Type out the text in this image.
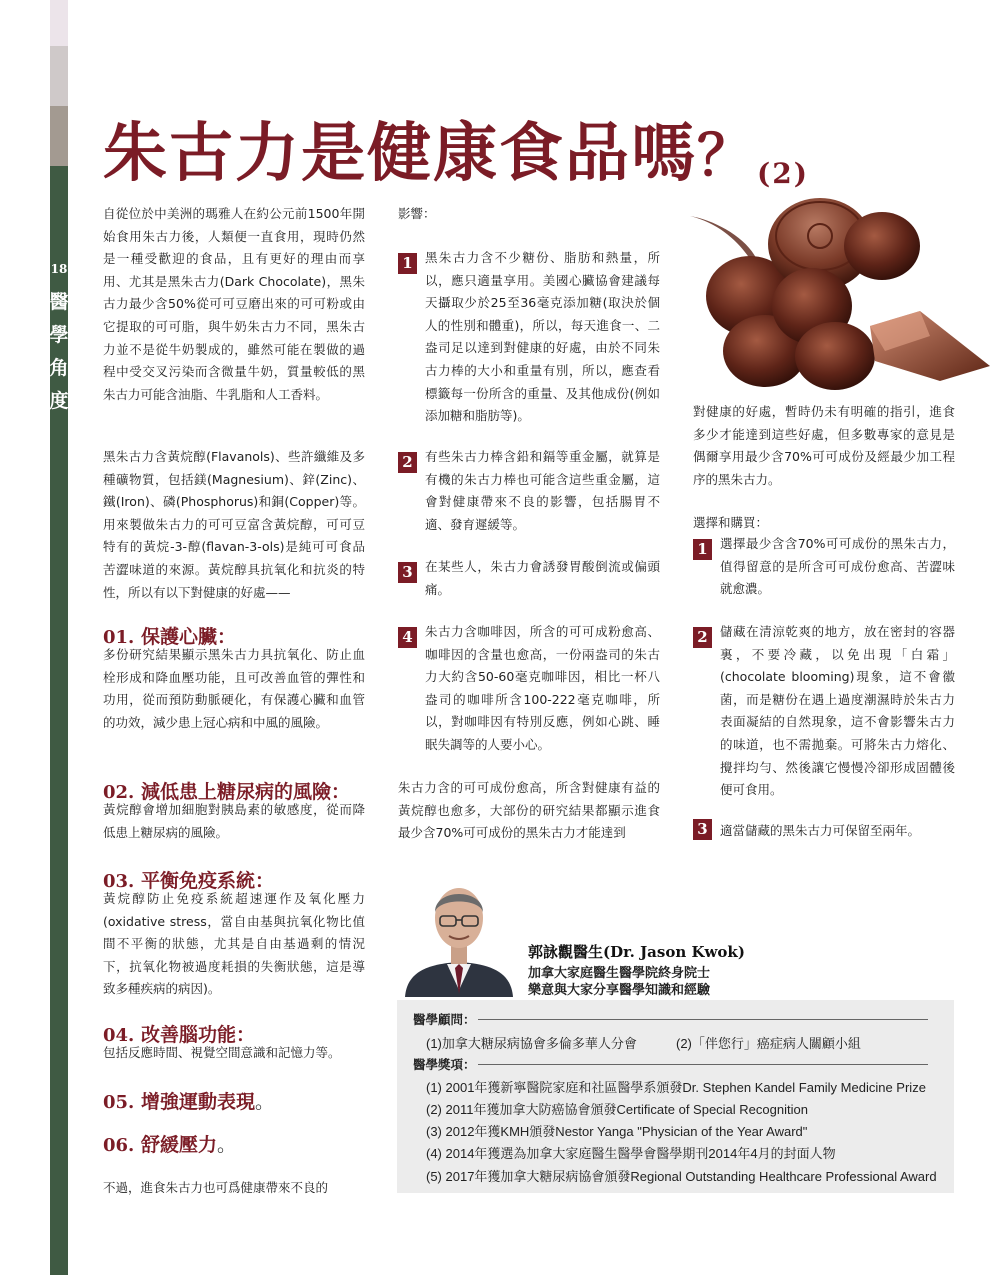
18
醫
學
角
度
朱古力是健康食品嗎？$_{(2)}$
自從位於中美洲的瑪雅人在約公元前1500年開始食用朱古力後，人類便一直食用，現時仍然是一種受歡迎的食品，且有更好的理由而享用、尤其是黑朱古力(Dark Chocolate)，黑朱古力最少含50%從可可豆磨出來的可可粉或由它提取的可可脂，與牛奶朱古力不同，黑朱古力並不是從牛奶製成的，雖然可能在製做的過程中受交叉污染而含微量牛奶，質量較低的黑朱古力可能含油脂、牛乳脂和人工香料。
黑朱古力含黃烷醇(Flavanols)、些許纖維及多種礦物質，包括鎂(Magnesium)、鋅(Zinc)、鐵(Iron)、磷(Phosphorus)和銅(Copper)等。用來製做朱古力的可可豆富含黃烷醇，可可豆特有的黃烷-3-醇(flavan-3-ols)是純可可食品苦澀味道的來源。黃烷醇具抗氧化和抗炎的特性，所以有以下對健康的好處——
01. 保護心臟：
多份研究結果顯示黑朱古力具抗氧化、防止血栓形成和降血壓功能，且可改善血管的彈性和功用，從而預防動脈硬化，有保護心臟和血管的功效，減少患上冠心病和中風的風險。
02. 減低患上糖尿病的風險：
黃烷醇會增加細胞對胰島素的敏感度，從而降低患上糖尿病的風險。
03. 平衡免疫系統：
黃烷醇防止免疫系統超速運作及氧化壓力(oxidative stress，當自由基與抗氧化物比值間不平衡的狀態，尤其是自由基過剩的情況下，抗氧化物被過度耗損的失衡狀態，這是導致多種疾病的病因)。
04. 改善腦功能：
包括反應時間、視覺空間意識和記憶力等。
05. 增強運動表現。
06. 舒緩壓力。
不過，進食朱古力也可爲健康帶來不良的
影響：
1 黑朱古力含不少糖份、脂肪和熱量，所以，應只適量享用。美國心臟協會建議每天攝取少於25至36毫克添加糖(取決於個人的性別和體重)，所以，每天進食一、二盎司足以達到對健康的好處，由於不同朱古力棒的大小和重量有別，所以，應查看標籤每一份所含的重量、及其他成份(例如添加糖和脂肪等)。
2 有些朱古力棒含鉛和鎘等重金屬，就算是有機的朱古力棒也可能含這些重金屬，這會對健康帶來不良的影響，包括腸胃不適、發育遲緩等。
3 在某些人，朱古力會誘發胃酸倒流或偏頭痛。
4 朱古力含咖啡因，所含的可可成粉愈高、咖啡因的含量也愈高，一份兩盎司的朱古力大約含50-60毫克咖啡因，相比一杯八盎司的咖啡所含100-222毫克咖啡，所以，對咖啡因有特別反應，例如心跳、睡眠失調等的人要小心。
朱古力含的可可成份愈高，所含對健康有益的黃烷醇也愈多，大部份的研究結果都顯示進食最少含70%可可成份的黑朱古力才能達到
對健康的好處，暫時仍未有明確的指引，進食多少才能達到這些好處，但多數專家的意見是偶爾享用最少含70%可可成份及經最少加工程序的黑朱古力。
選擇和購買：
1 選擇最少含含70%可可成份的黑朱古力，值得留意的是所含可可成份愈高、苦澀味就愈濃。
2 儲藏在清涼乾爽的地方，放在密封的容器裏，不要冷藏，以免出現「白霜」(chocolate blooming)現象，這不會徽菌，而是糖份在遇上過度潮濕時於朱古力表面凝結的自然現象，這不會影響朱古力的味道，也不需拋棄。可將朱古力熔化、攪拌均勻、然後讓它慢慢冷卻形成固體後便可食用。
3 適當儲藏的黑朱古力可保留至兩年。
郭詠觀醫生(Dr. Jason Kwok)
加拿大家庭醫生醫學院終身院士
樂意與大家分享醫學知識和經驗
醫學顧問：
(1)加拿大糖尿病協會多倫多華人分會	(2)「伴您行」癌症病人關顧小組
醫學獎項：
(1) 2001年獲新寧醫院家庭和社區醫學系頒發Dr. Stephen Kandel Family Medicine Prize
(2) 2011年獲加拿大防癌協會頒發Certificate of Special Recognition
(3) 2012年獲KMH頒發Nestor Yanga "Physician of the Year Award"
(4) 2014年獲選為加拿大家庭醫生醫學會醫學期刊2014年4月的封面人物
(5) 2017年獲加拿大糖尿病協會頒發Regional Outstanding Healthcare Professional Award
